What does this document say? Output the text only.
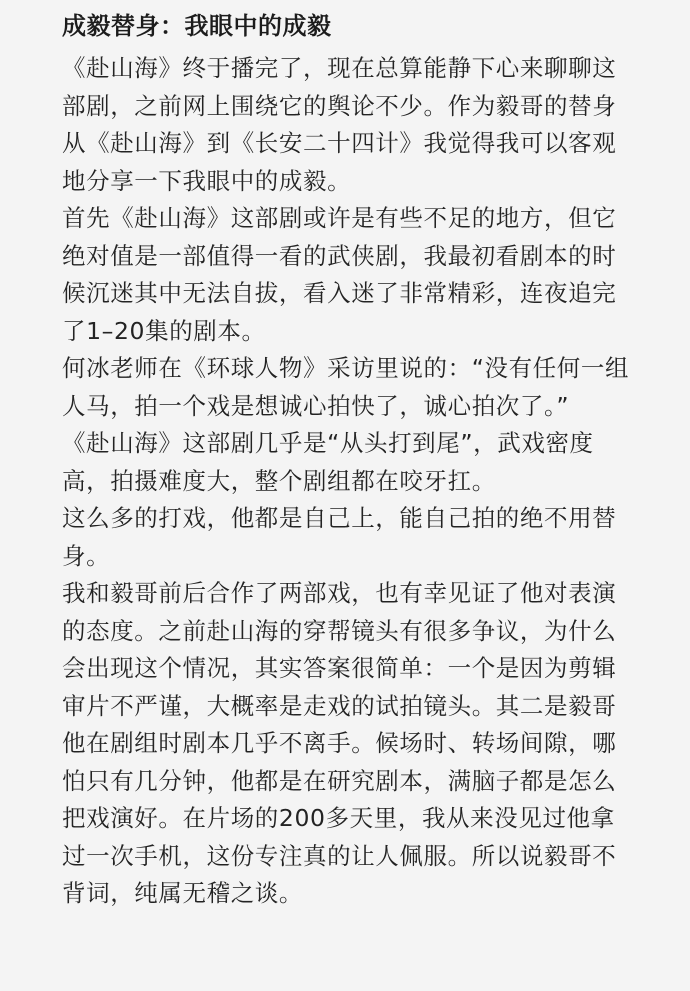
成毅替身：我眼中的成毅

《赴山海》终于播完了，现在总算能静下心来聊聊这部剧，之前网上围绕它的舆论不少。作为毅哥的替身从《赴山海》到《长安二十四计》我觉得我可以客观地分享一下我眼中的成毅。

首先《赴山海》这部剧或许是有些不足的地方，但它绝对值是一部值得一看的武侠剧，我最初看剧本的时候沉迷其中无法自拔，看入迷了非常精彩，连夜追完了1–20集的剧本。

何冰老师在《环球人物》采访里说的：“没有任何一组人马，拍一个戏是想诚心拍快了，诚心拍次了。”

《赴山海》这部剧几乎是“从头打到尾”，武戏密度高，拍摄难度大，整个剧组都在咬牙扛。

这么多的打戏，他都是自己上，能自己拍的绝不用替身。

我和毅哥前后合作了两部戏，也有幸见证了他对表演的态度。之前赴山海的穿帮镜头有很多争议，为什么会出现这个情况，其实答案很简单：一个是因为剪辑审片不严谨，大概率是走戏的试拍镜头。其二是毅哥他在剧组时剧本几乎不离手。候场时、转场间隙，哪怕只有几分钟，他都是在研究剧本，满脑子都是怎么把戏演好。在片场的200多天里，我从来没见过他拿过一次手机，这份专注真的让人佩服。所以说毅哥不背词，纯属无稽之谈。
